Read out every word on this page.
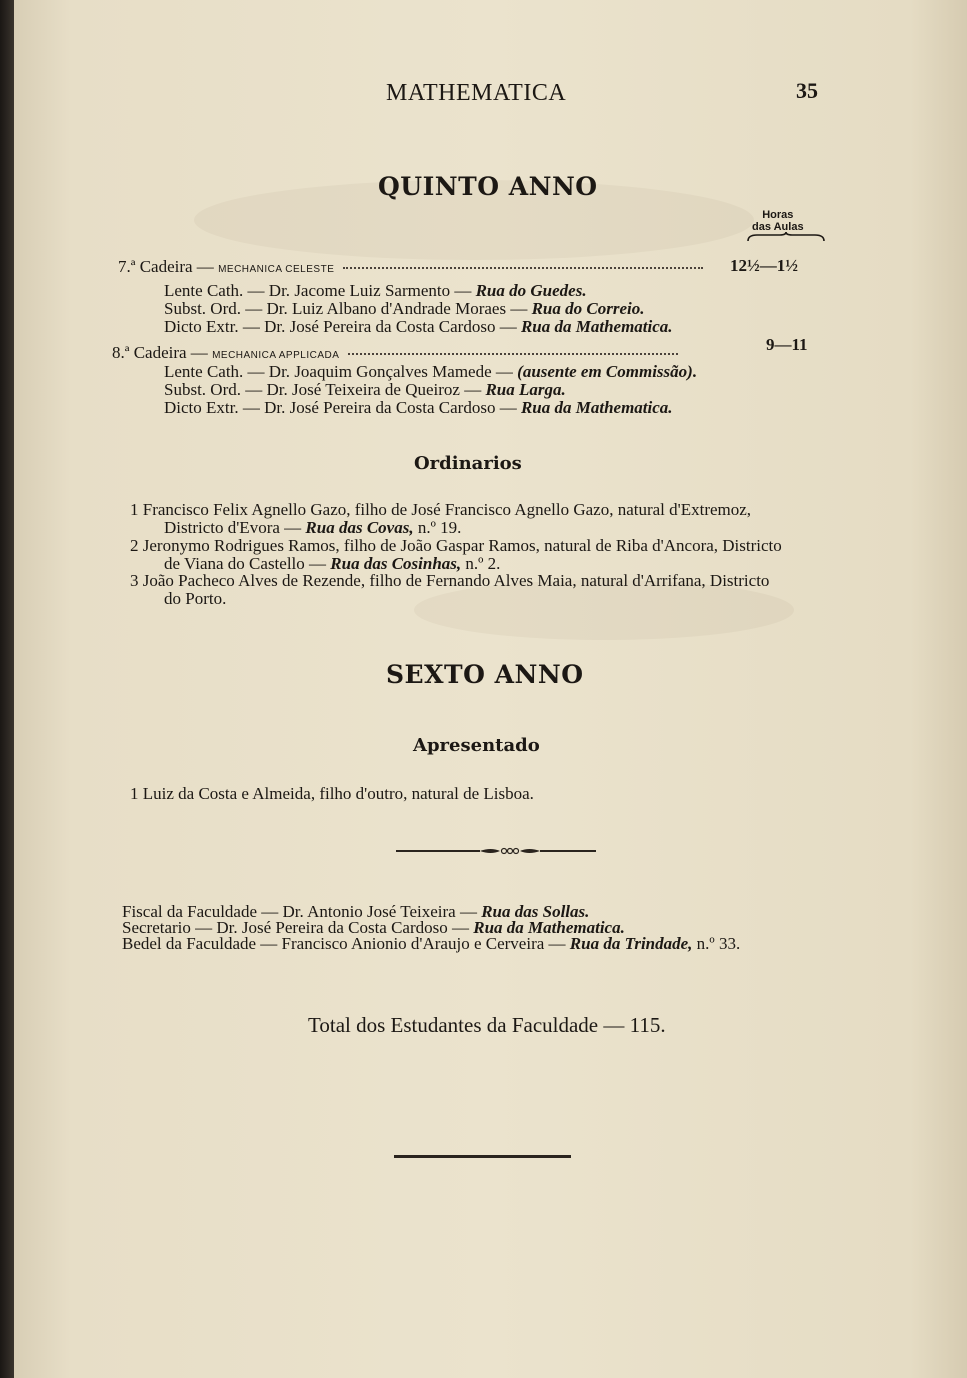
MATHEMATICA	35
QUINTO ANNO
Horas
das Aulas
7.ª Cadeira — MECHANICA CELESTE	12½—1½
Lente Cath. — Dr. Jacome Luiz Sarmento — Rua do Guedes.
Subst. Ord. — Dr. Luiz Albano d'Andrade Moraes — Rua do Correio.
Dicto Extr. — Dr. José Pereira da Costa Cardoso — Rua da Mathematica.
8.ª Cadeira — MECHANICA APPLICADA
9—11
Lente Cath. — Dr. Joaquim Gonçalves Mamede — (ausente em Commissão).
Subst. Ord. — Dr. José Teixeira de Queiroz — Rua Larga.
Dicto Extr. — Dr. José Pereira da Costa Cardoso — Rua da Mathematica.
Ordinarios
1 Francisco Felix Agnello Gazo, filho de José Francisco Agnello Gazo, natural d'Extremoz,
Districto d'Evora — Rua das Covas, n.º 19.
2 Jeronymo Rodrigues Ramos, filho de João Gaspar Ramos, natural de Riba d'Ancora, Districto
de Viana do Castello — Rua das Cosinhas, n.º 2.
3 João Pacheco Alves de Rezende, filho de Fernando Alves Maia, natural d'Arrifana, Districto
do Porto.
SEXTO ANNO
Apresentado
1 Luiz da Costa e Almeida, filho d'outro, natural de Lisboa.
Fiscal da Faculdade — Dr. Antonio José Teixeira — Rua das Sollas.
Secretario — Dr. José Pereira da Costa Cardoso — Rua da Mathematica.
Bedel da Faculdade — Francisco Anionio d'Araujo e Cerveira — Rua da Trindade, n.º 33.
Total dos Estudantes da Faculdade — 115.
